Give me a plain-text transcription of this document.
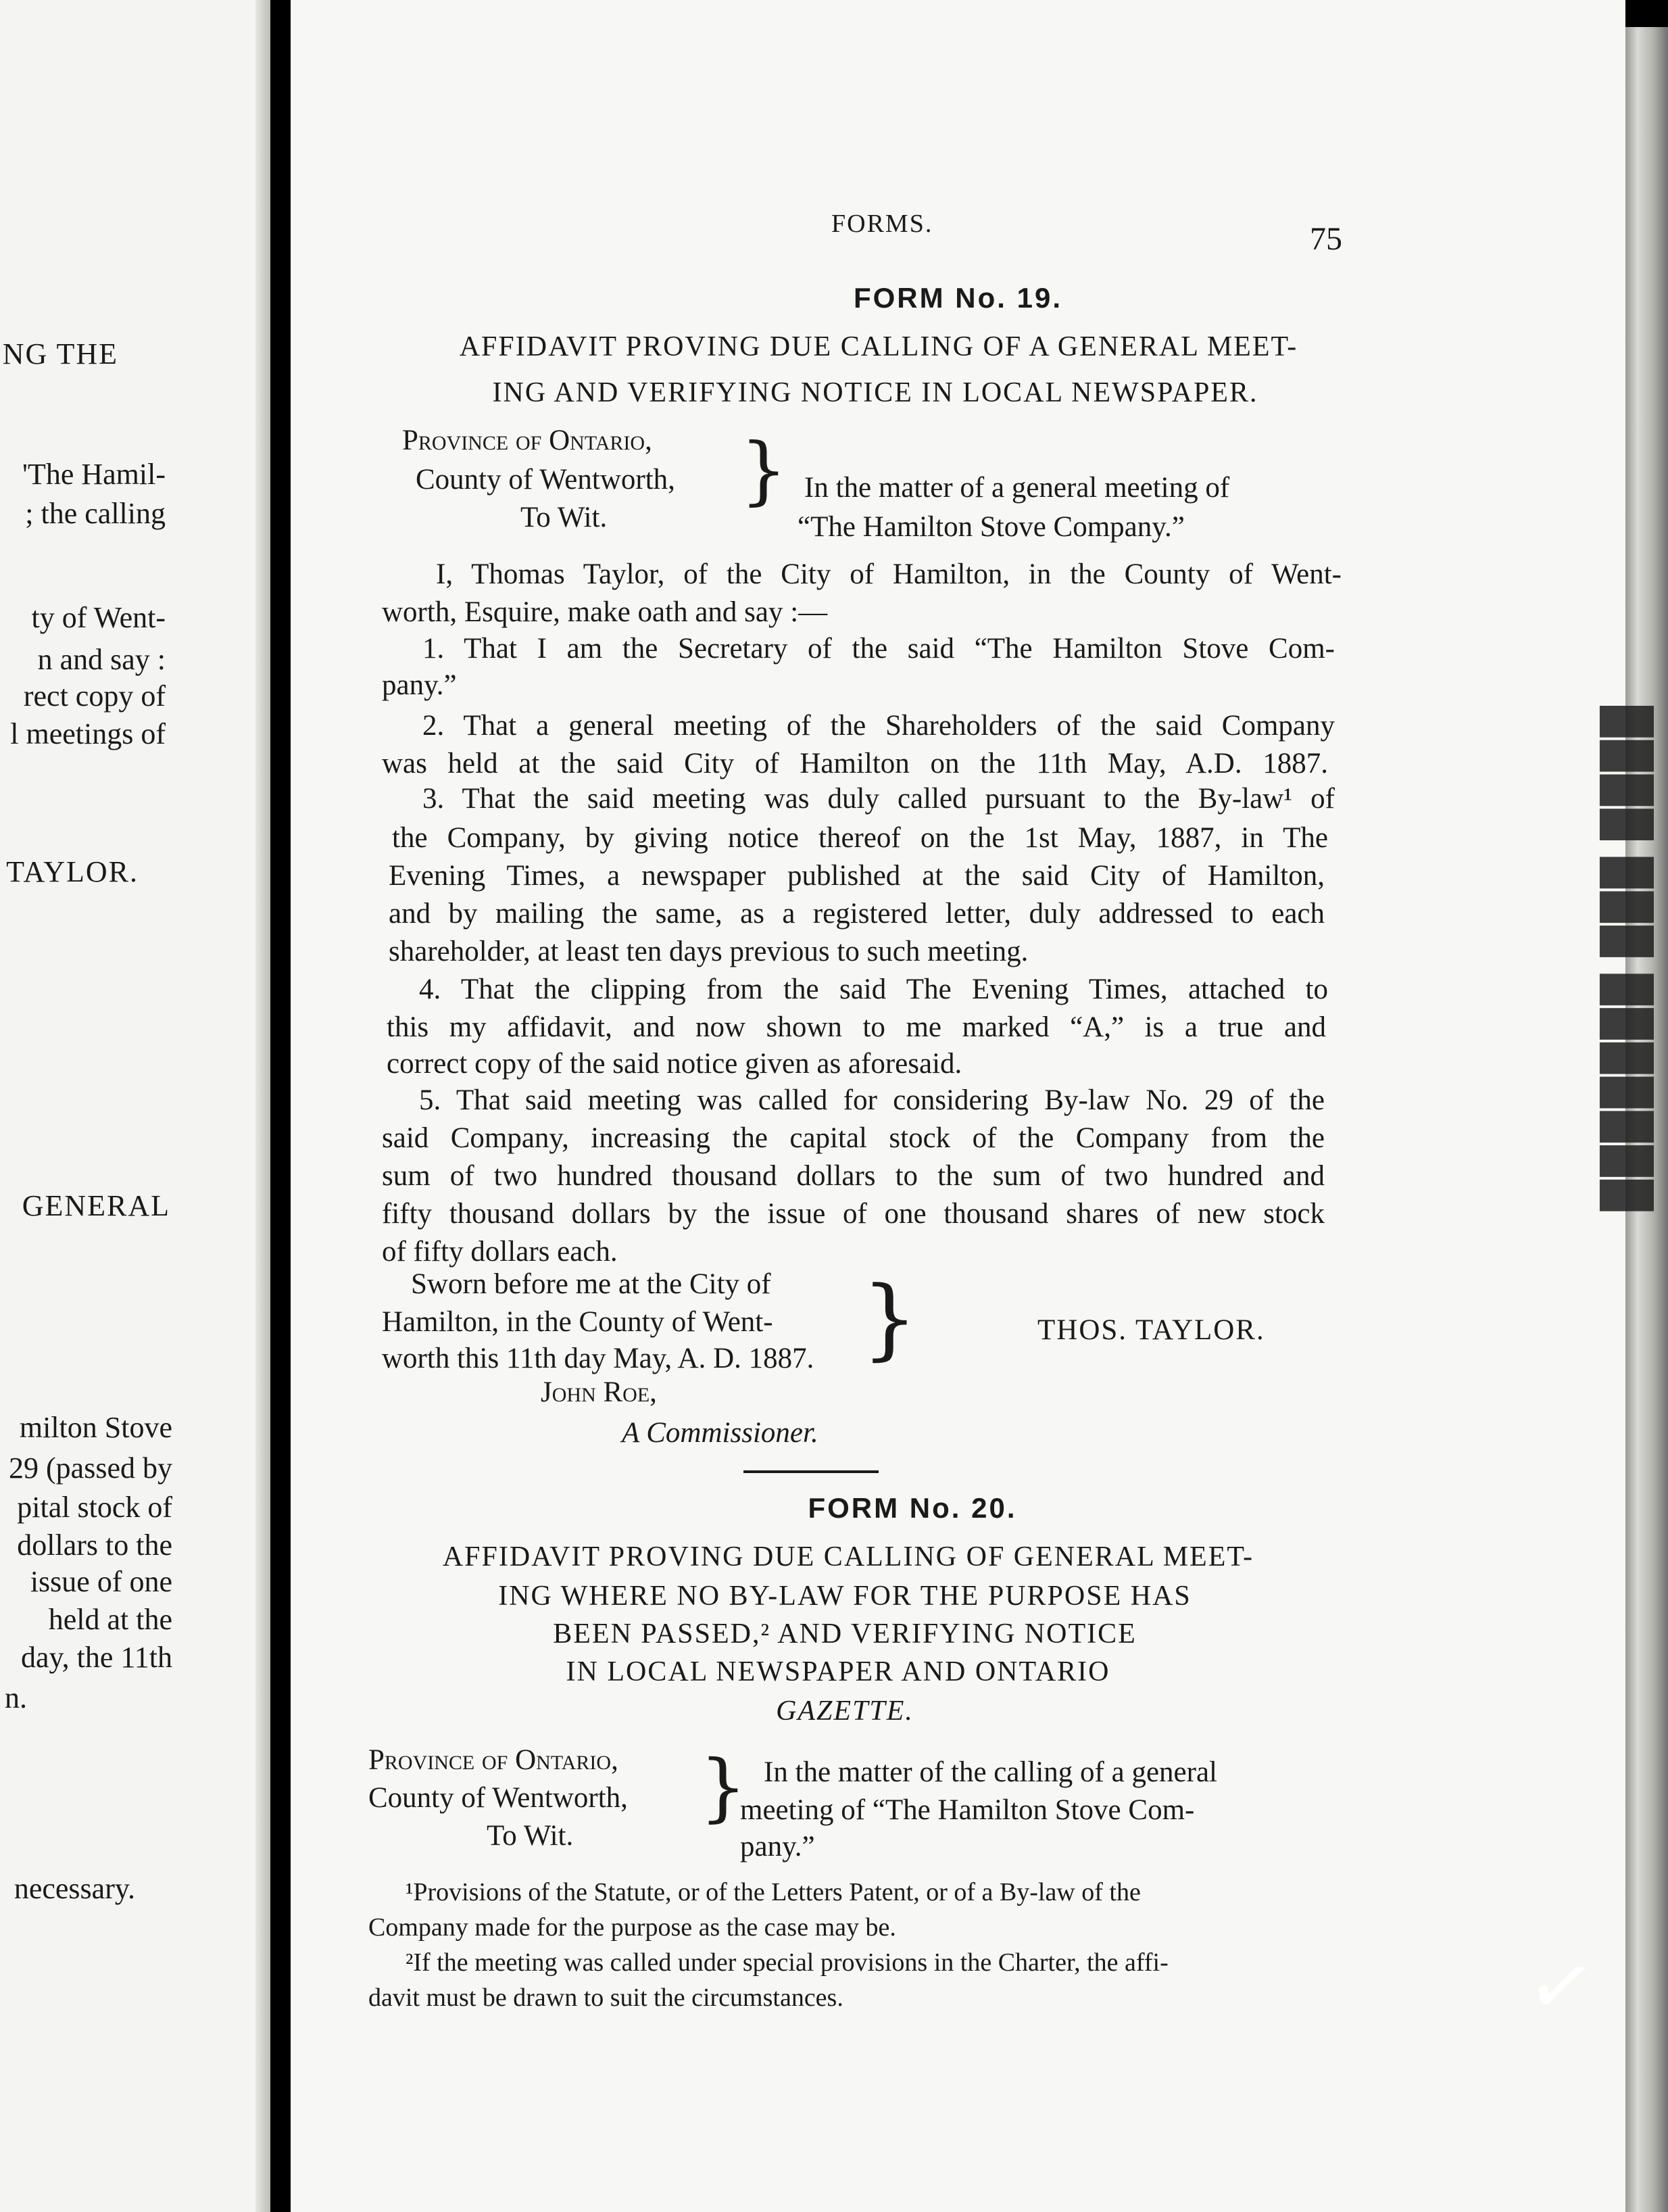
NG THE
'The Hamil-
; the calling
ty of Went-
n and say :
rect copy of
l meetings of
TAYLOR.
GENERAL
milton Stove
29 (passed by
pital stock of
dollars to the
issue of one
held at the
day, the 11th
n.
necessary.
███████ ███ ████
FORMS.	75
FORM No. 19.
AFFIDAVIT PROVING DUE CALLING OF A GENERAL MEET-
ING AND VERIFYING NOTICE IN LOCAL NEWSPAPER.
Province of Ontario,
County of Wentworth,
To Wit.
} In the matter of a general meeting of
“The Hamilton Stove Company.”
I, Thomas Taylor, of the City of Hamilton, in the County of Went-
worth, Esquire, make oath and say :—
1. That I am the Secretary of the said “The Hamilton Stove Com-
pany.”
2. That a general meeting of the Shareholders of the said Company
was held at the said City of Hamilton on the 11th May, A.D. 1887.
3. That the said meeting was duly called pursuant to the By-law¹ of
the Company, by giving notice thereof on the 1st May, 1887, in The
Evening Times, a newspaper published at the said City of Hamilton,
and by mailing the same, as a registered letter, duly addressed to each
shareholder, at least ten days previous to such meeting.
4. That the clipping from the said The Evening Times, attached to
this my affidavit, and now shown to me marked “A,” is a true and
correct copy of the said notice given as aforesaid.
5. That said meeting was called for considering By-law No. 29 of the
said Company, increasing the capital stock of the Company from the
sum of two hundred thousand dollars to the sum of two hundred and
fifty thousand dollars by the issue of one thousand shares of new stock
of fifty dollars each.
Sworn before me at the City of
Hamilton, in the County of Went-
worth this 11th day May, A. D. 1887. }	THOS. TAYLOR.
John Roe,
A Commissioner.
FORM No. 20.
AFFIDAVIT PROVING DUE CALLING OF GENERAL MEET-
ING WHERE NO BY-LAW FOR THE PURPOSE HAS
BEEN PASSED,² AND VERIFYING NOTICE
IN LOCAL NEWSPAPER AND ONTARIO
GAZETTE.
Province of Ontario,
County of Wentworth,
To Wit.
} In the matter of the calling of a general
meeting of “The Hamilton Stove Com-
pany.”
¹Provisions of the Statute, or of the Letters Patent, or of a By-law of the
Company made for the purpose as the case may be.
²If the meeting was called under special provisions in the Charter, the affi-
davit must be drawn to suit the circumstances.	✓
